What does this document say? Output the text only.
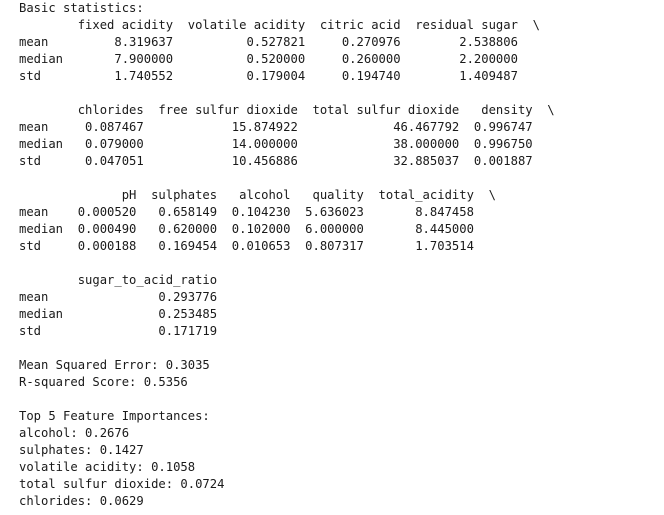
Basic statistics:
fixed acidity  volatile acidity  citric acid  residual sugar  \
mean         8.319637          0.527821     0.270976        2.538806
median       7.900000          0.520000     0.260000        2.200000
std          1.740552          0.179004     0.194740        1.409487

chlorides  free sulfur dioxide  total sulfur dioxide   density  \
mean     0.087467            15.874922             46.467792  0.996747
median   0.079000            14.000000             38.000000  0.996750
std      0.047051            10.456886             32.885037  0.001887

pH  sulphates   alcohol   quality  total_acidity  \
mean    0.000520   0.658149  0.104230  5.636023       8.847458
median  0.000490   0.620000  0.102000  6.000000       8.445000
std     0.000188   0.169454  0.010653  0.807317       1.703514

sugar_to_acid_ratio
mean               0.293776
median             0.253485
std                0.171719

Mean Squared Error: 0.3035
R-squared Score: 0.5356

Top 5 Feature Importances:
alcohol: 0.2676
sulphates: 0.1427
volatile acidity: 0.1058
total sulfur dioxide: 0.0724
chlorides: 0.0629
